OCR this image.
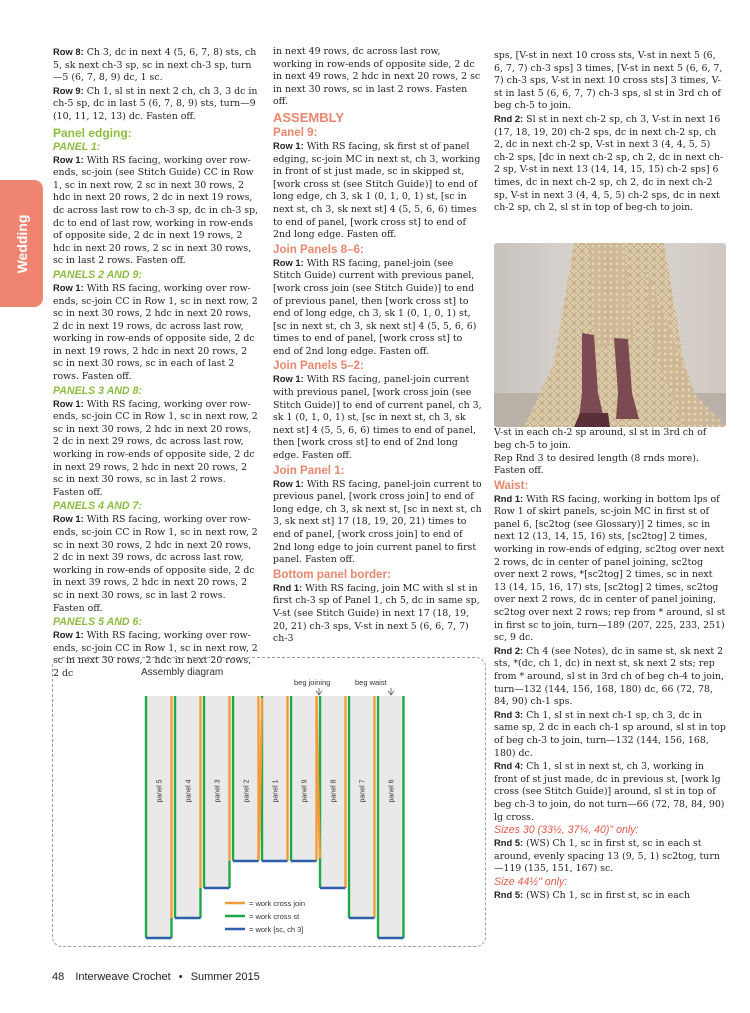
Wedding

Row 8: Ch 3, dc in next 4 (5, 6, 7, 8) sts, ch 5, sk next ch-3 sp, sc in next ch-3 sp, turn—5 (6, 7, 8, 9) dc, 1 sc.

Row 9: Ch 1, sl st in next 2 ch, ch 3, 3 dc in ch-5 sp, dc in last 5 (6, 7, 8, 9) sts, turn—9 (10, 11, 12, 13) dc. Fasten off.

Panel edging:

PANEL 1:

Row 1: With RS facing, working over row-ends, sc-join (see Stitch Guide) CC in Row 1, sc in next row, 2 sc in next 30 rows, 2 hdc in next 20 rows, 2 dc in next 19 rows, dc across last row to ch-3 sp, dc in ch-3 sp, dc to end of last row, working in row-ends of opposite side, 2 dc in next 19 rows, 2 hdc in next 20 rows, 2 sc in next 30 rows, sc in last 2 rows. Fasten off.

PANELS 2 AND 9:

Row 1: With RS facing, working over row-ends, sc-join CC in Row 1, sc in next row, 2 sc in next 30 rows, 2 hdc in next 20 rows, 2 dc in next 19 rows, dc across last row, working in row-ends of opposite side, 2 dc in next 19 rows, 2 hdc in next 20 rows, 2 sc in next 30 rows, sc in each of last 2 rows. Fasten off.

PANELS 3 AND 8:

Row 1: With RS facing, working over row-ends, sc-join CC in Row 1, sc in next row, 2 sc in next 30 rows, 2 hdc in next 20 rows, 2 dc in next 29 rows, dc across last row, working in row-ends of opposite side, 2 dc in next 29 rows, 2 hdc in next 20 rows, 2 sc in next 30 rows, sc in last 2 rows. Fasten off.

PANELS 4 AND 7:

Row 1: With RS facing, working over row-ends, sc-join CC in Row 1, sc in next row, 2 sc in next 30 rows, 2 hdc in next 20 rows, 2 dc in next 39 rows, dc across last row, working in row-ends of opposite side, 2 dc in next 39 rows, 2 hdc in next 20 rows, 2 sc in next 30 rows, sc in last 2 rows. Fasten off.

PANELS 5 AND 6:

Row 1: With RS facing, working over row-ends, sc-join CC in Row 1, sc in next row, 2 sc in next 30 rows, 2 hdc in next 20 rows, 2 dc

in next 49 rows, dc across last row, working in row-ends of opposite side, 2 dc in next 49 rows, 2 hdc in next 20 rows, 2 sc in next 30 rows, sc in last 2 rows. Fasten off.

ASSEMBLY

Panel 9:

Row 1: With RS facing, sk first st of panel edging, sc-join MC in next st, ch 3, working in front of st just made, sc in skipped st, [work cross st (see Stitch Guide)] to end of long edge, ch 3, sk 1 (0, 1, 0, 1) st, [sc in next st, ch 3, sk next st] 4 (5, 5, 6, 6) times to end of panel, [work cross st] to end of 2nd long edge. Fasten off.

Join Panels 8–6:

Row 1: With RS facing, panel-join (see Stitch Guide) current with previous panel, [work cross join (see Stitch Guide)] to end of previous panel, then [work cross st] to end of long edge, ch 3, sk 1 (0, 1, 0, 1) st, [sc in next st, ch 3, sk next st] 4 (5, 5, 6, 6) times to end of panel, [work cross st] to end of 2nd long edge. Fasten off.

Join Panels 5–2:

Row 1: With RS facing, panel-join current with previous panel, [work cross join (see Stitch Guide)] to end of current panel, ch 3, sk 1 (0, 1, 0, 1) st, [sc in next st, ch 3, sk next st] 4 (5, 5, 6, 6) times to end of panel, then [work cross st] to end of 2nd long edge. Fasten off.

Join Panel 1:

Row 1: With RS facing, panel-join current to previous panel, [work cross join] to end of long edge, ch 3, sk next st, [sc in next st, ch 3, sk next st] 17 (18, 19, 20, 21) times to end of panel, [work cross join] to end of 2nd long edge to join current panel to first panel. Fasten off.

Bottom panel border:

Rnd 1: With RS facing, join MC with sl st in first ch-3 sp of Panel 1, ch 5, dc in same sp, V-st (see Stitch Guide) in next 17 (18, 19, 20, 21) ch-3 sps, V-st in next 5 (6, 6, 7, 7) ch-3

sps, [V-st in next 10 cross sts, V-st in next 5 (6, 6, 7, 7) ch-3 sps] 3 times, [V-st in next 5 (6, 6, 7, 7) ch-3 sps, V-st in next 10 cross sts] 3 times, V-st in last 5 (6, 6, 7, 7) ch-3 sps, sl st in 3rd ch of beg ch-5 to join.

Rnd 2: Sl st in next ch-2 sp, ch 3, V-st in next 16 (17, 18, 19, 20) ch-2 sps, dc in next ch-2 sp, ch 2, dc in next ch-2 sp, V-st in next 3 (4, 4, 5, 5) ch-2 sps, [dc in next ch-2 sp, ch 2, dc in next ch-2 sp, V-st in next 13 (14, 14, 15, 15) ch-2 sps] 6 times, dc in next ch-2 sp, ch 2, dc in next ch-2 sp, V-st in next 3 (4, 4, 5, 5) ch-2 sps, dc in next ch-2 sp, ch 2, sl st in top of beg-ch to join.

V-st in each ch-2 sp around, sl st in 3rd ch of beg ch-5 to join.

Rep Rnd 3 to desired length (8 rnds more). Fasten off.

Waist:

Rnd 1: With RS facing, working in bottom lps of Row 1 of skirt panels, sc-join MC in first st of panel 6, [sc2tog (see Glossary)] 2 times, sc in next 12 (13, 14, 15, 16) sts, [sc2tog] 2 times, working in row-ends of edging, sc2tog over next 2 rows, dc in center of panel joining, sc2tog over next 2 rows, *[sc2tog] 2 times, sc in next 13 (14, 15, 16, 17) sts, [sc2tog] 2 times, sc2tog over next 2 rows, dc in center of panel joining, sc2tog over next 2 rows; rep from * around, sl st in first sc to join, turn—189 (207, 225, 233, 251) sc, 9 dc.

Rnd 2: Ch 4 (see Notes), dc in same st, sk next 2 sts, *(dc, ch 1, dc) in next st, sk next 2 sts; rep from * around, sl st in 3rd ch of beg ch-4 to join, turn—132 (144, 156, 168, 180) dc, 66 (72, 78, 84, 90) ch-1 sps.

Rnd 3: Ch 1, sl st in next ch-1 sp, ch 3, dc in same sp, 2 dc in each ch-1 sp around, sl st in top of beg ch-3 to join, turn—132 (144, 156, 168, 180) dc.

Rnd 4: Ch 1, sl st in next st, ch 3, working in front of st just made, dc in previous st, [work lg cross (see Stitch Guide)] around, sl st in top of beg ch-3 to join, do not turn—66 (72, 78, 84, 90) lg cross.

Sizes 30 (33½, 37¼, 40)" only:

Rnd 5: (WS) Ch 1, sc in first st, sc in each st around, evenly spacing 13 (9, 5, 1) sc2tog, turn—119 (135, 151, 167) sc.

Size 44½" only:

Rnd 5: (WS) Ch 1, sc in first st, sc in each

Assembly diagram
beg joining	beg waist
panel 5	panel 4	panel 3	panel 2	panel 1	panel 9	panel 8	panel 7	panel 6
= work cross join
= work cross st
= work [sc, ch 3]
48 Interweave Crochet • Summer 2015
